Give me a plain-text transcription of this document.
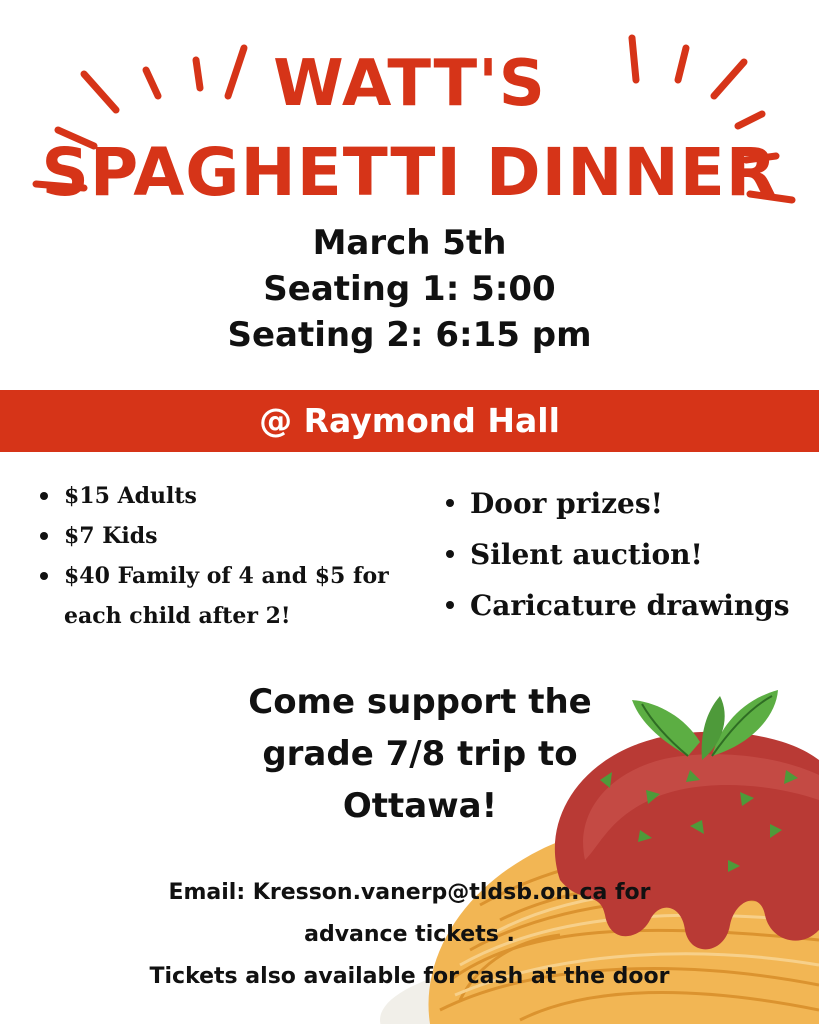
WATT'S
SPAGHETTI DINNER
March 5th
Seating 1: 5:00
Seating 2: 6:15 pm
@ Raymond Hall
$15 Adults
$7 Kids
$40 Family of 4 and $5 for each child after 2!
Door prizes!
Silent auction!
Caricature drawings
Come support the
grade 7/8 trip to
Ottawa!
Email: Kresson.vanerp@tldsb.on.ca for
advance tickets .
Tickets also available for cash at the door
